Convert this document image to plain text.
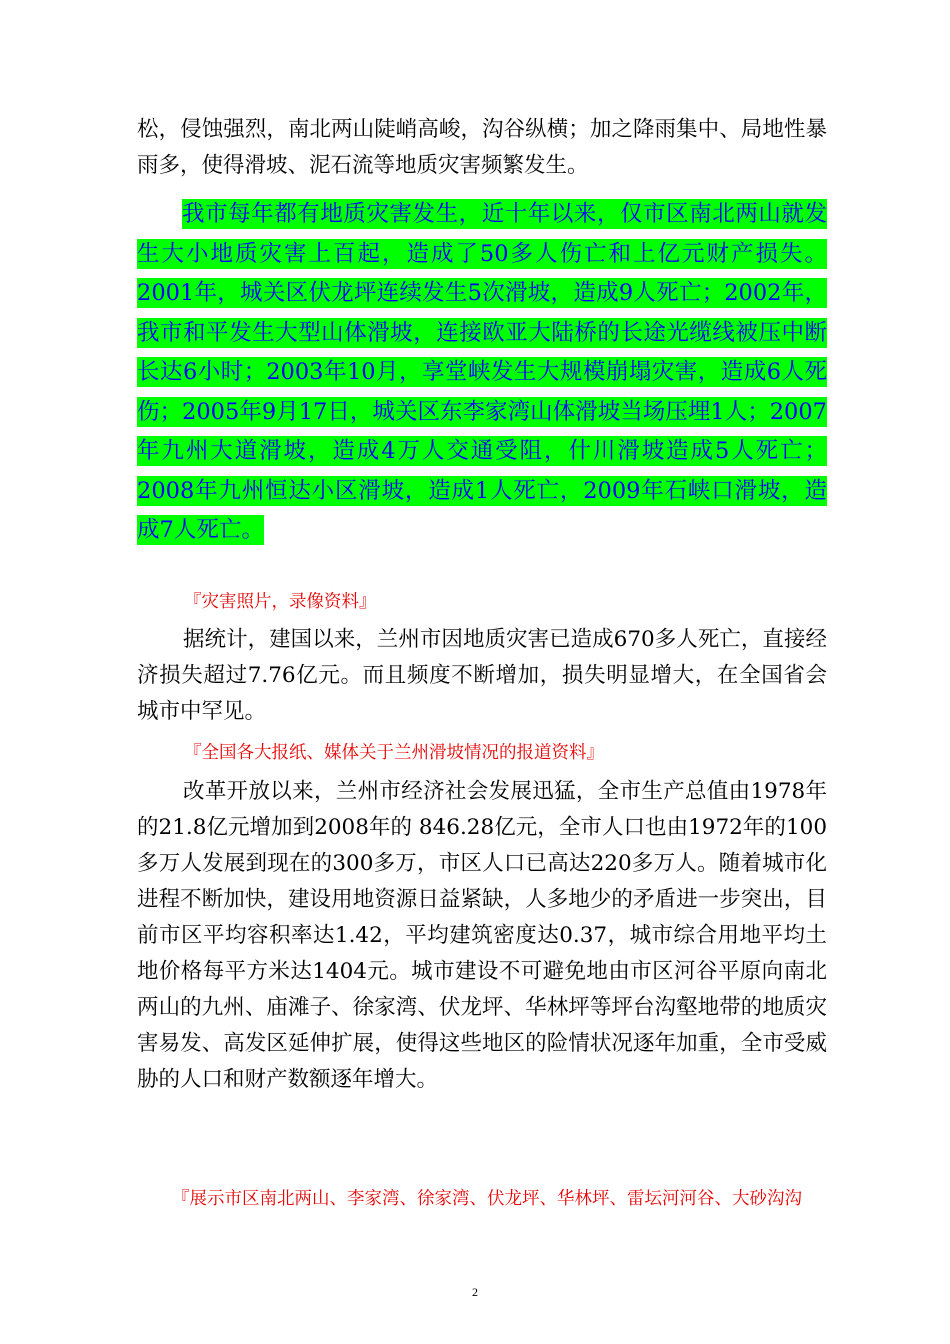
松，侵蚀强烈，南北两山陡峭高峻，沟谷纵横；加之降雨集中、局地性暴雨多，使得滑坡、泥石流等地质灾害频繁发生。

我市每年都有地质灾害发生，近十年以来，仅市区南北两山就发生大小地质灾害上百起，造成了50多人伤亡和上亿元财产损失。2001年，城关区伏龙坪连续发生5次滑坡，造成9人死亡；2002年，我市和平发生大型山体滑坡，连接欧亚大陆桥的长途光缆线被压中断长达6小时；2003年10月，享堂峡发生大规模崩塌灾害，造成6人死伤；2005年9月17日，城关区东李家湾山体滑坡当场压埋1人；2007年九州大道滑坡，造成4万人交通受阻，什川滑坡造成5人死亡；2008年九州恒达小区滑坡，造成1人死亡，2009年石峡口滑坡，造成7人死亡。

『灾害照片，录像资料』

据统计，建国以来，兰州市因地质灾害已造成670多人死亡，直接经济损失超过7.76亿元。而且频度不断增加，损失明显增大，在全国省会城市中罕见。

『全国各大报纸、媒体关于兰州滑坡情况的报道资料』

改革开放以来，兰州市经济社会发展迅猛，全市生产总值由1978年的21.8亿元增加到2008年的 846.28亿元，全市人口也由1972年的100多万人发展到现在的300多万，市区人口已高达220多万人。随着城市化进程不断加快，建设用地资源日益紧缺，人多地少的矛盾进一步突出，目前市区平均容积率达1.42，平均建筑密度达0.37，城市综合用地平均土地价格每平方米达1404元。城市建设不可避免地由市区河谷平原向南北两山的九州、庙滩子、徐家湾、伏龙坪、华林坪等坪台沟壑地带的地质灾害易发、高发区延伸扩展，使得这些地区的险情状况逐年加重，全市受威胁的人口和财产数额逐年增大。

『展示市区南北两山、李家湾、徐家湾、伏龙坪、华林坪、雷坛河河谷、大砂沟沟

2
